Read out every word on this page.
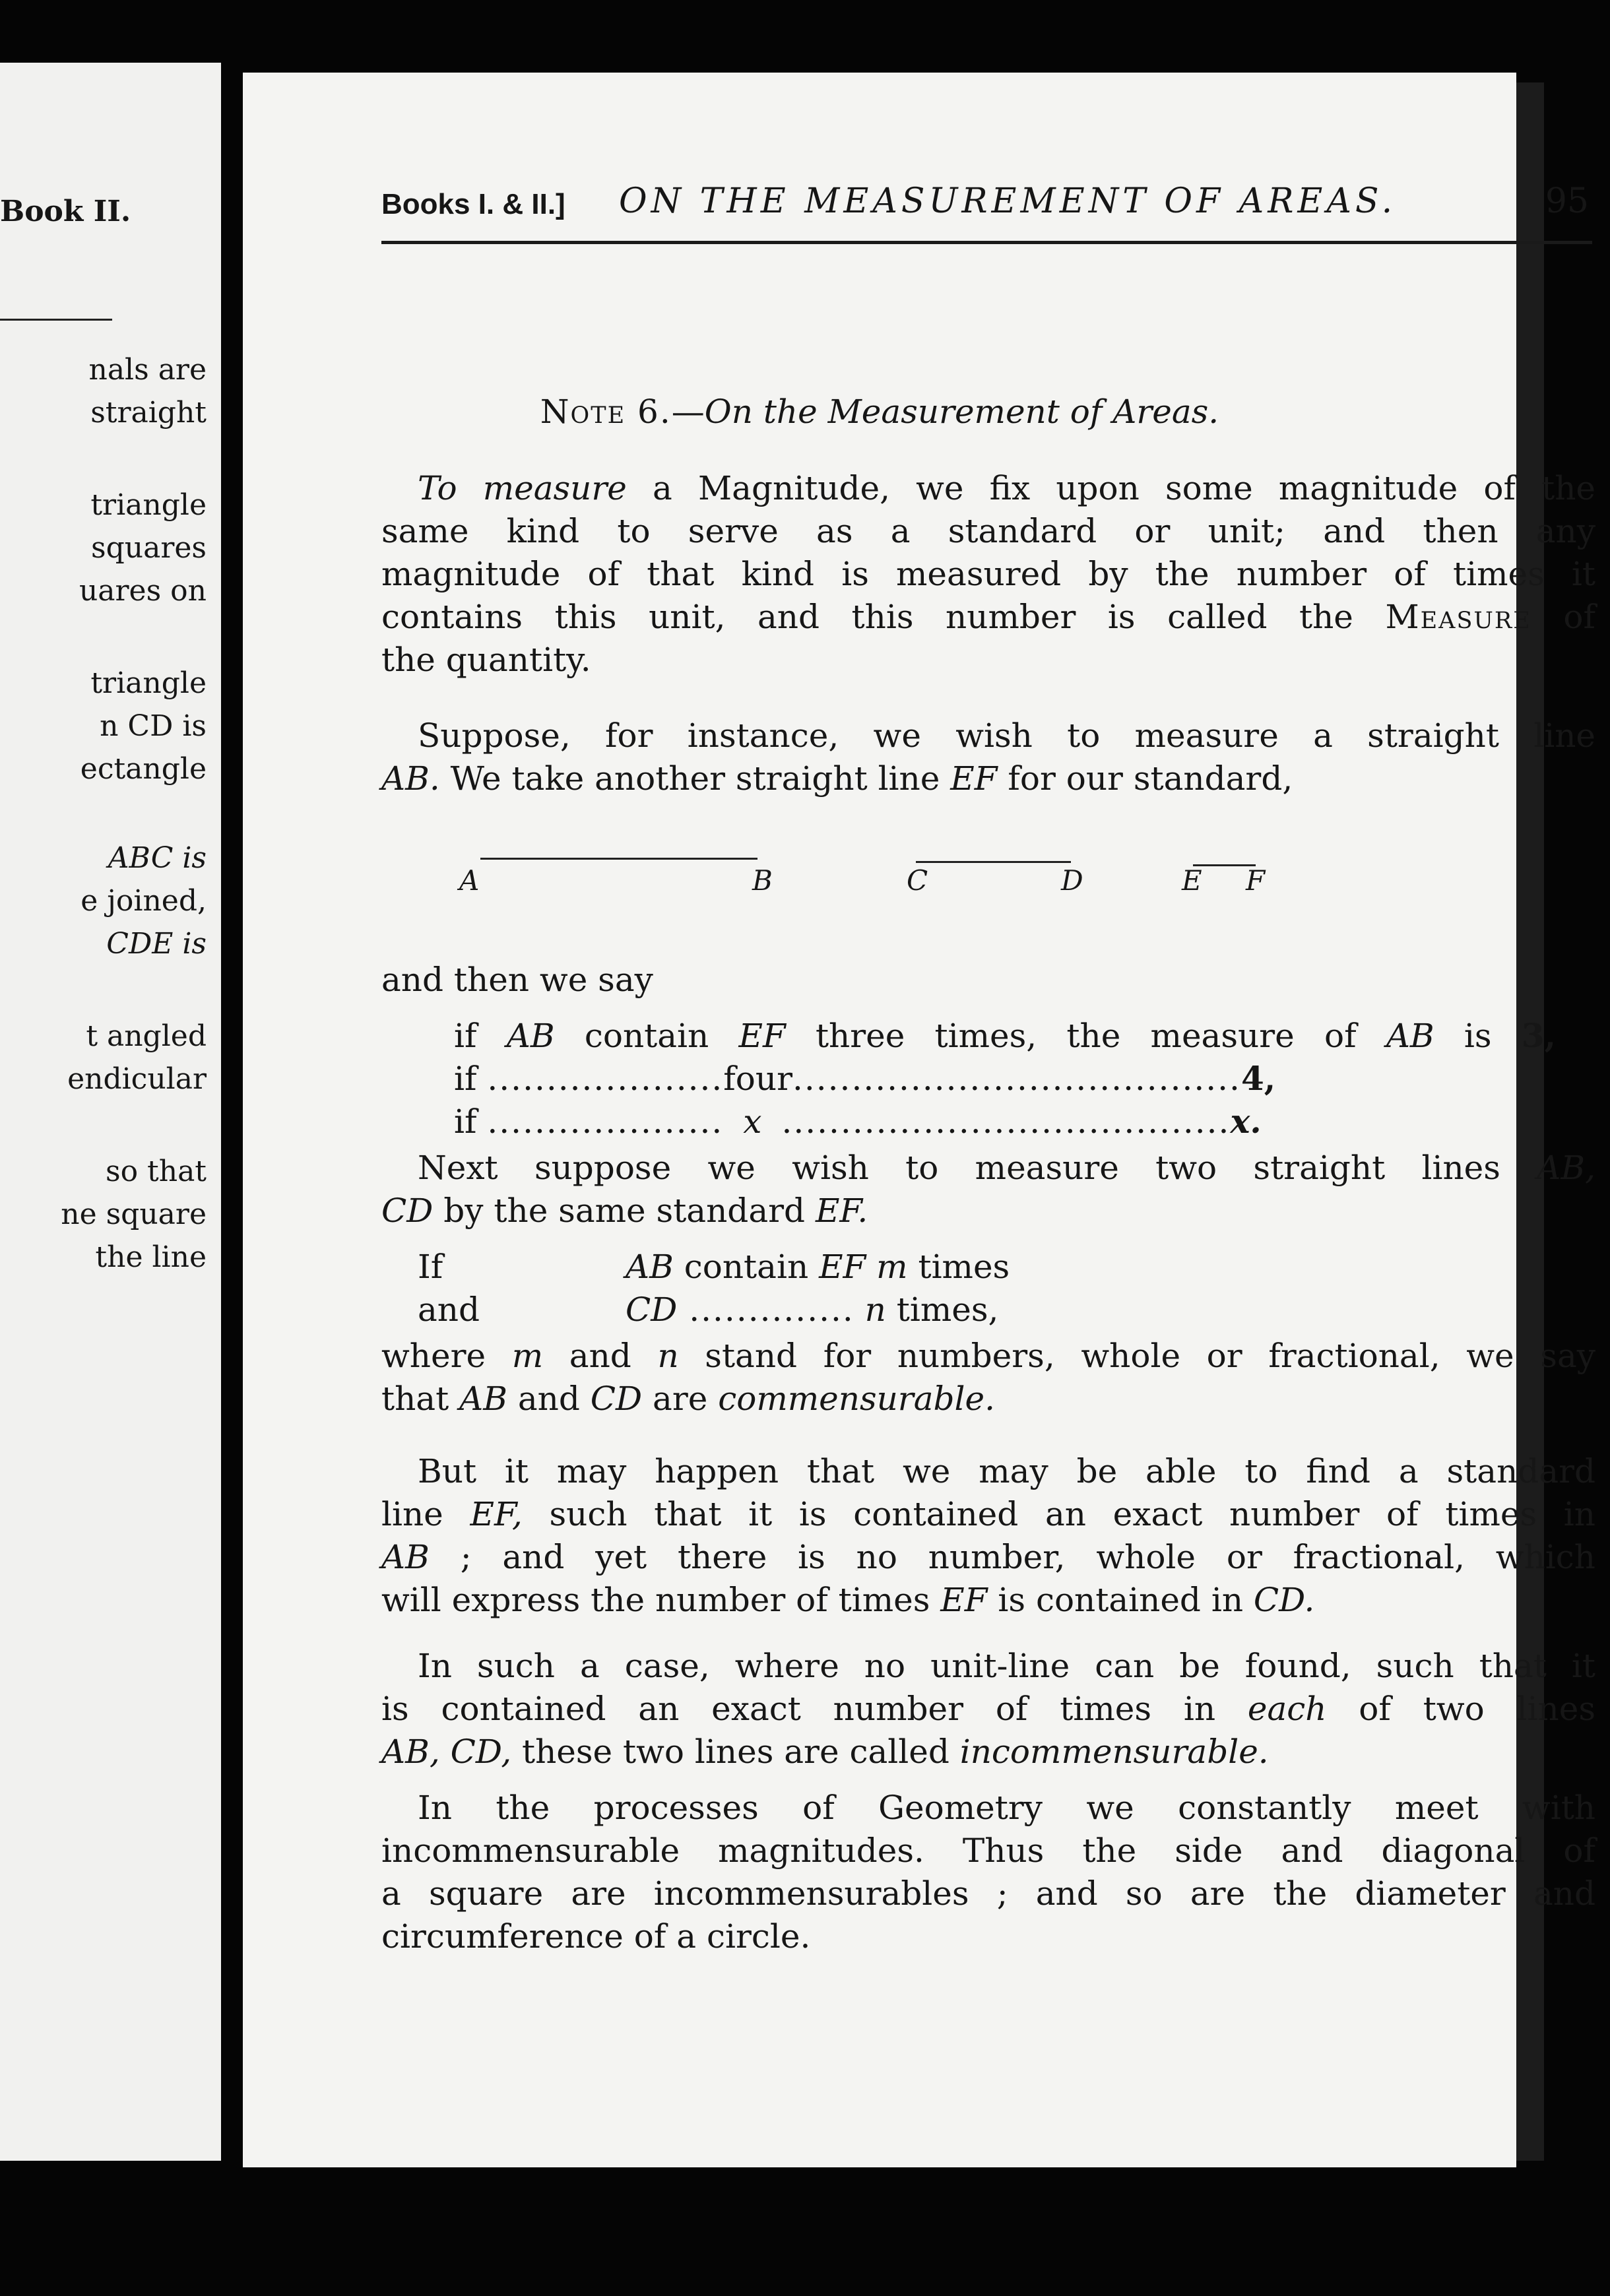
Book II.
nals are
straight
triangle
squares
uares on
triangle
n CD is
ectangle
ABC is
e joined,
CDE is
t angled
endicular
so that
ne square
the line
Books I. & II.] ON THE MEASUREMENT OF AREAS.	95
Note 6.—On the Measurement of Areas.
To measure a Magnitude, we fix upon some magnitude of the
same kind to serve as a standard or unit; and then any
magnitude of that kind is measured by the number of times it
contains this unit, and this number is called the Measure of
the quantity.
Suppose, for instance, we wish to measure a straight line
AB. We take another straight line EF for our standard,
A	B	C	D	E F
and then we say
if AB contain EF three times, the measure of AB is 3,
if ....................four......................................4,
if .................... x ......................................x.
Next suppose we wish to measure two straight lines AB,
CD by the same standard EF.
If	AB contain EF m times
and	CD .............. n times,
where m and n stand for numbers, whole or fractional, we say
that AB and CD are commensurable.
But it may happen that we may be able to find a standard
line EF, such that it is contained an exact number of times in
AB ; and yet there is no number, whole or fractional, which
will express the number of times EF is contained in CD.
In such a case, where no unit-line can be found, such that it
is contained an exact number of times in each of two lines
AB, CD, these two lines are called incommensurable.
In the processes of Geometry we constantly meet with
incommensurable magnitudes. Thus the side and diagonal of
a square are incommensurables ; and so are the diameter and
circumference of a circle.
